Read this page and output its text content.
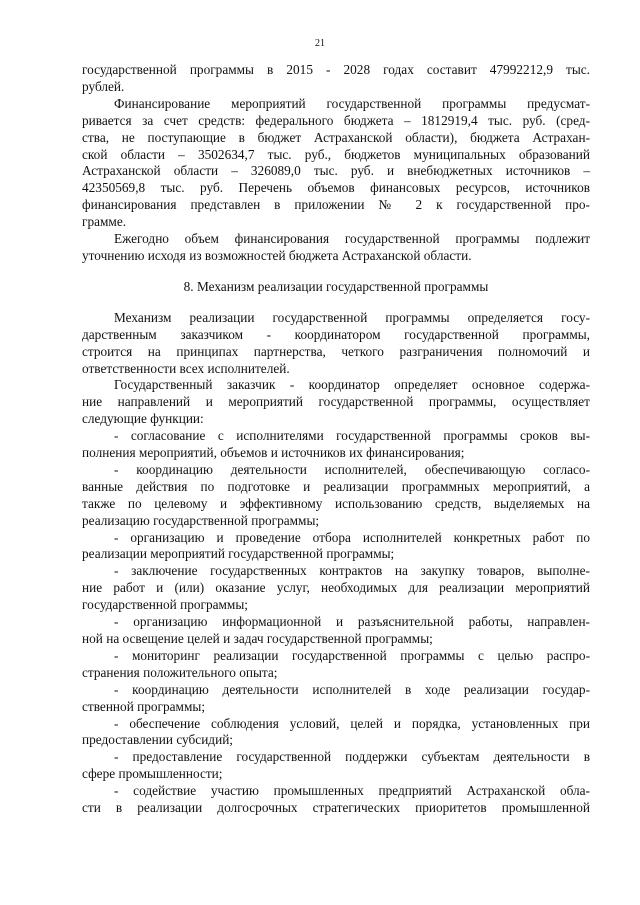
21
государственной программы в 2015 - 2028 годах составит 47992212,9 тыс.
рублей.
Финансирование мероприятий государственной программы предусмат-
ривается за счет средств: федерального бюджета – 1812919,4 тыс. руб. (сред-
ства, не поступающие в бюджет Астраханской области), бюджета Астрахан-
ской области – 3502634,7 тыс. руб., бюджетов муниципальных образований
Астраханской области – 326089,0 тыс. руб. и внебюджетных источников –
42350569,8 тыс. руб. Перечень объемов финансовых ресурсов, источников
финансирования представлен в приложении № 2 к государственной про-
грамме.
Ежегодно объем финансирования государственной программы подлежит
уточнению исходя из возможностей бюджета Астраханской области.
8. Механизм реализации государственной программы
Механизм реализации государственной программы определяется госу-
дарственным заказчиком - координатором государственной программы,
строится на принципах партнерства, четкого разграничения полномочий и
ответственности всех исполнителей.
Государственный заказчик - координатор определяет основное содержа-
ние направлений и мероприятий государственной программы, осуществляет
следующие функции:
- согласование с исполнителями государственной программы сроков вы-
полнения мероприятий, объемов и источников их финансирования;
- координацию деятельности исполнителей, обеспечивающую согласо-
ванные действия по подготовке и реализации программных мероприятий, а
также по целевому и эффективному использованию средств, выделяемых на
реализацию государственной программы;
- организацию и проведение отбора исполнителей конкретных работ по
реализации мероприятий государственной программы;
- заключение государственных контрактов на закупку товаров, выполне-
ние работ и (или) оказание услуг, необходимых для реализации мероприятий
государственной программы;
- организацию информационной и разъяснительной работы, направлен-
ной на освещение целей и задач государственной программы;
- мониторинг реализации государственной программы с целью распро-
странения положительного опыта;
- координацию деятельности исполнителей в ходе реализации государ-
ственной программы;
- обеспечение соблюдения условий, целей и порядка, установленных при
предоставлении субсидий;
- предоставление государственной поддержки субъектам деятельности в
сфере промышленности;
- содействие участию промышленных предприятий Астраханской обла-
сти в реализации долгосрочных стратегических приоритетов промышленной
